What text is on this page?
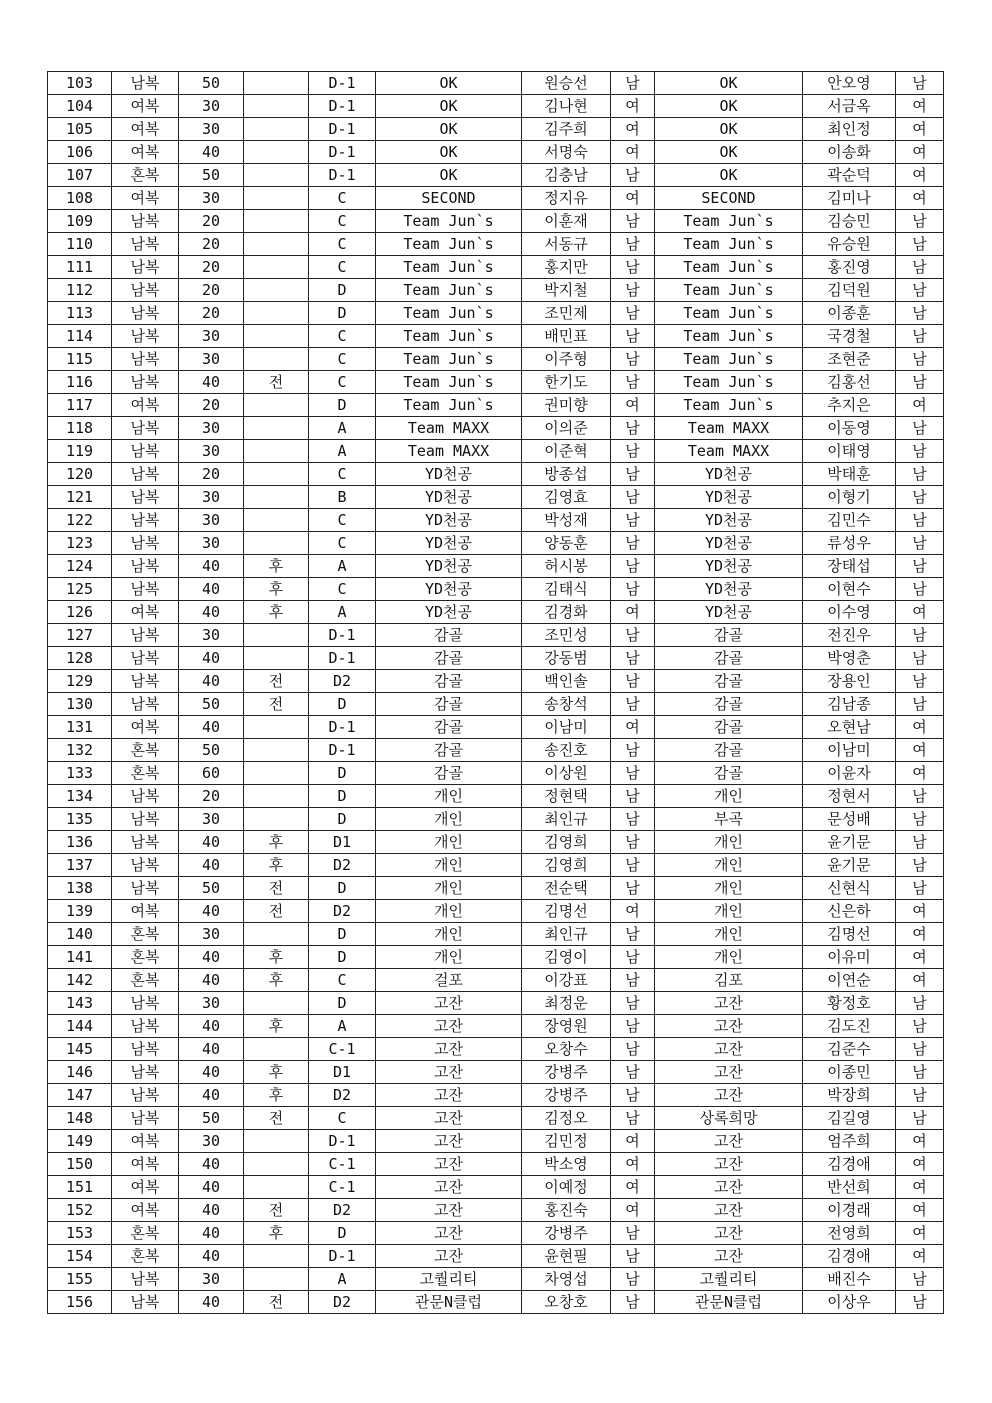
103	남복	50		D-1	OK	원승선	남	OK	안오영	남
104	여복	30		D-1	OK	김나현	여	OK	서금옥	여
105	여복	30		D-1	OK	김주희	여	OK	최인정	여
106	여복	40		D-1	OK	서명숙	여	OK	이송화	여
107	혼복	50		D-1	OK	김충남	남	OK	곽순덕	여
108	여복	30		C	SECOND	정지유	여	SECOND	김미나	여
109	남복	20		C	Team Jun`s	이훈재	남	Team Jun`s	김승민	남
110	남복	20		C	Team Jun`s	서동규	남	Team Jun`s	유승원	남
111	남복	20		C	Team Jun`s	홍지만	남	Team Jun`s	홍진영	남
112	남복	20		D	Team Jun`s	박지철	남	Team Jun`s	김덕원	남
113	남복	20		D	Team Jun`s	조민제	남	Team Jun`s	이종훈	남
114	남복	30		C	Team Jun`s	배민표	남	Team Jun`s	국경철	남
115	남복	30		C	Team Jun`s	이주형	남	Team Jun`s	조현준	남
116	남복	40	전	C	Team Jun`s	한기도	남	Team Jun`s	김홍선	남
117	여복	20		D	Team Jun`s	권미향	여	Team Jun`s	추지은	여
118	남복	30		A	Team MAXX	이의준	남	Team MAXX	이동영	남
119	남복	30		A	Team MAXX	이준혁	남	Team MAXX	이태영	남
120	남복	20		C	YD천공	방종섭	남	YD천공	박태훈	남
121	남복	30		B	YD천공	김영효	남	YD천공	이형기	남
122	남복	30		C	YD천공	박성재	남	YD천공	김민수	남
123	남복	30		C	YD천공	양동훈	남	YD천공	류성우	남
124	남복	40	후	A	YD천공	허시봉	남	YD천공	장태섭	남
125	남복	40	후	C	YD천공	김태식	남	YD천공	이현수	남
126	여복	40	후	A	YD천공	김경화	여	YD천공	이수영	여
127	남복	30		D-1	감골	조민성	남	감골	전진우	남
128	남복	40		D-1	감골	강동범	남	감골	박영춘	남
129	남복	40	전	D2	감골	백인솔	남	감골	장용인	남
130	남복	50	전	D	감골	송창석	남	감골	김남종	남
131	여복	40		D-1	감골	이남미	여	감골	오현남	여
132	혼복	50		D-1	감골	송진호	남	감골	이남미	여
133	혼복	60		D	감골	이상원	남	감골	이윤자	여
134	남복	20		D	개인	정현택	남	개인	정현서	남
135	남복	30		D	개인	최인규	남	부곡	문성배	남
136	남복	40	후	D1	개인	김영희	남	개인	윤기문	남
137	남복	40	후	D2	개인	김영희	남	개인	윤기문	남
138	남복	50	전	D	개인	전순택	남	개인	신현식	남
139	여복	40	전	D2	개인	김명선	여	개인	신은하	여
140	혼복	30		D	개인	최인규	남	개인	김명선	여
141	혼복	40	후	D	개인	김영이	남	개인	이유미	여
142	혼복	40	후	C	걸포	이강표	남	김포	이연순	여
143	남복	30		D	고잔	최정운	남	고잔	황정호	남
144	남복	40	후	A	고잔	장영원	남	고잔	김도진	남
145	남복	40		C-1	고잔	오창수	남	고잔	김준수	남
146	남복	40	후	D1	고잔	강병주	남	고잔	이종민	남
147	남복	40	후	D2	고잔	강병주	남	고잔	박장희	남
148	남복	50	전	C	고잔	김정오	남	상록희망	김길영	남
149	여복	30		D-1	고잔	김민정	여	고잔	엄주희	여
150	여복	40		C-1	고잔	박소영	여	고잔	김경애	여
151	여복	40		C-1	고잔	이예정	여	고잔	반선희	여
152	여복	40	전	D2	고잔	홍진숙	여	고잔	이경래	여
153	혼복	40	후	D	고잔	강병주	남	고잔	전영희	여
154	혼복	40		D-1	고잔	윤현필	남	고잔	김경애	여
155	남복	30		A	고퀄리티	차영섭	남	고퀄리티	배진수	남
156	남복	40	전	D2	관문N클럽	오창호	남	관문N클럽	이상우	남
